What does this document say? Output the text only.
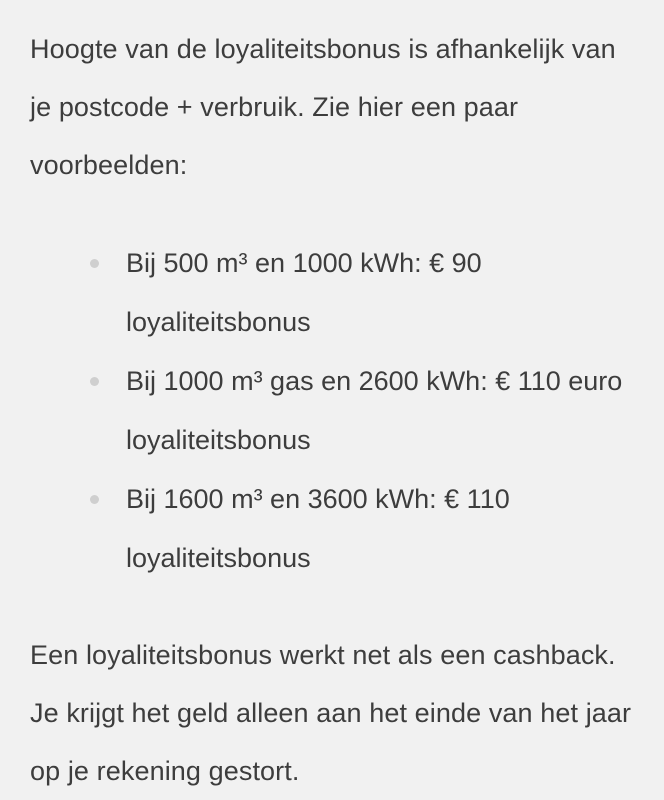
Hoogte van de loyaliteitsbonus is afhankelijk van je postcode + verbruik. Zie hier een paar voorbeelden:

Bij 500 m³ en 1000 kWh: € 90 loyaliteitsbonus
Bij 1000 m³ gas en 2600 kWh: € 110 euro loyaliteitsbonus
Bij 1600 m³ en 3600 kWh: € 110 loyaliteitsbonus

Een loyaliteitsbonus werkt net als een cashback. Je krijgt het geld alleen aan het einde van het jaar op je rekening gestort.
